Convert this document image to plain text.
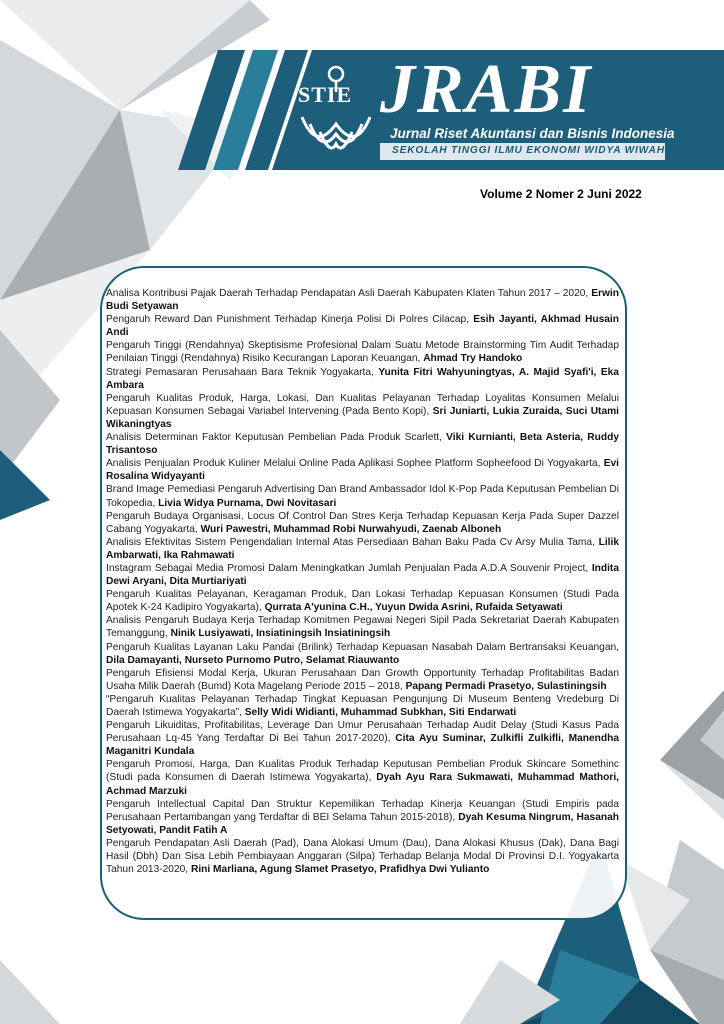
STIE JRABI
Jurnal Riset Akuntansi dan Bisnis Indonesia
SEKOLAH TINGGI ILMU EKONOMI WIDYA WIWAHA
Volume 2 Nomer 2 Juni 2022
Analisa Kontribusi Pajak Daerah Terhadap Pendapatan Asli Daerah Kabupaten Klaten Tahun 2017 – 2020, Erwin Budi Setyawan
Pengaruh Reward Dan Punishment Terhadap Kinerja Polisi Di Polres Cilacap, Esih Jayanti, Akhmad Husain Andi
Pengaruh Tinggi (Rendahnya) Skeptisisme Profesional Dalam Suatu Metode Brainstorming Tim Audit Terhadap Penilaian Tinggi (Rendahnya) Risiko Kecurangan Laporan Keuangan, Ahmad Try Handoko
Strategi Pemasaran Perusahaan Bara Teknik Yogyakarta, Yunita Fitri Wahyuningtyas, A. Majid Syafi'i, Eka Ambara
Pengaruh Kualitas Produk, Harga, Lokasi, Dan Kualitas Pelayanan Terhadap Loyalitas Konsumen Melalui Kepuasan Konsumen Sebagai Variabel Intervening (Pada Bento Kopi), Sri Juniarti, Lukia Zuraida, Suci Utami Wikaningtyas
Analisis Determinan Faktor Keputusan Pembelian Pada Produk Scarlett, Viki Kurnianti, Beta Asteria, Ruddy Trisantoso
Analisis Penjualan Produk Kuliner Melalui Online Pada Aplikasi Sophee Platform Sopheefood Di Yogyakarta, Evi Rosalina Widyayanti
Brand Image Pemediasi Pengaruh Advertising Dan Brand Ambassador Idol K-Pop Pada Keputusan Pembelian Di Tokopedia, Livia Widya Purnama, Dwi Novitasari
Pengaruh Budaya Organisasi, Locus Of Control Dan Stres Kerja Terhadap Kepuasan Kerja Pada Super Dazzel Cabang Yogyakarta, Wuri Pawestri, Muhammad Robi Nurwahyudi, Zaenab Alboneh
Analisis Efektivitas Sistem Pengendalian Internal Atas Persediaan Bahan Baku Pada Cv Arsy Mulia Tama, Lilik Ambarwati, Ika Rahmawati
Instagram Sebagai Media Promosi Dalam Meningkatkan Jumlah Penjualan Pada A.D.A Souvenir Project, Indita Dewi Aryani, Dita Murtiariyati
Pengaruh Kualitas Pelayanan, Keragaman Produk, Dan Lokasi Terhadap Kepuasan Konsumen (Studi Pada Apotek K-24 Kadipiro Yogyakarta), Qurrata A'yunina C.H., Yuyun Dwida Asrini, Rufaida Setyawati
Analisis Pengaruh Budaya Kerja Terhadap Komitmen Pegawai Negeri Sipil Pada Sekretariat Daerah Kabupaten Temanggung, Ninik Lusiyawati, Insiatiningsih Insiatiningsih
Pengaruh Kualitas Layanan Laku Pandai (Brilink) Terhadap Kepuasan Nasabah Dalam Bertransaksi Keuangan, Dila Damayanti, Nurseto Purnomo Putro, Selamat Riauwanto
Pengaruh Efisiensi Modal Kerja, Ukuran Perusahaan Dan Growth Opportunity Terhadap Profitabilitas Badan Usaha Milik Daerah (Bumd) Kota Magelang Periode 2015 – 2018, Papang Permadi Prasetyo, Sulastiningsih
“Pengaruh Kualitas Pelayanan Terhadap Tingkat Kepuasan Pengunjung Di Museum Benteng Vredeburg Di Daerah Istimewa Yogyakarta”, Selly Widi Widianti, Muhammad Subkhan, Siti Endarwati
Pengaruh Likuiditas, Profitabilitas, Leverage Dan Umur Perusahaan Terhadap Audit Delay (Studi Kasus Pada Perusahaan Lq-45 Yang Terdaftar Di Bei Tahun 2017-2020), Cita Ayu Suminar, Zulkifli Zulkifli, Manendha Maganitri Kundala
Pengaruh Promosi, Harga, Dan Kualitas Produk Terhadap Keputusan Pembelian Produk Skincare Somethinc (Studi pada Konsumen di Daerah Istimewa Yogyakarta), Dyah Ayu Rara Sukmawati, Muhammad Mathori, Achmad Marzuki
Pengaruh Intellectual Capital Dan Struktur Kepemilikan Terhadap Kinerja Keuangan (Studi Empiris pada Perusahaan Pertambangan yang Terdaftar di BEI Selama Tahun 2015-2018), Dyah Kesuma Ningrum, Hasanah Setyowati, Pandit Fatih A
Pengaruh Pendapatan Asli Daerah (Pad), Dana Alokasi Umum (Dau), Dana Alokasi Khusus (Dak), Dana Bagi Hasil (Dbh) Dan Sisa Lebih Pembiayaan Anggaran (Silpa) Terhadap Belanja Modal Di Provinsi D.I. Yogyakarta Tahun 2013-2020, Rini Marliana, Agung Slamet Prasetyo, Prafidhya Dwi Yulianto
